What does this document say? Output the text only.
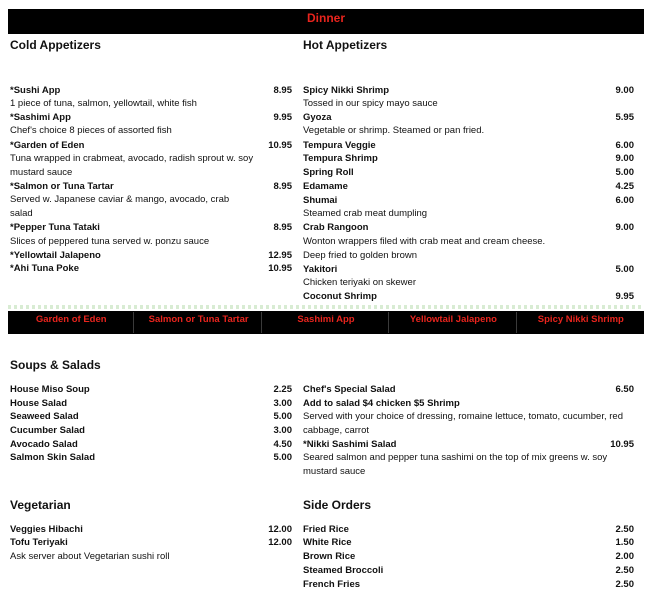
Dinner
Cold Appetizers
*Sushi App	8.95
1 piece of tuna, salmon, yellowtail, white fish
*Sashimi App	9.95
Chef's choice 8 pieces of assorted fish
*Garden of Eden	10.95
Tuna wrapped in crabmeat, avocado, radish sprout w. soy mustard sauce
*Salmon or Tuna Tartar	8.95
Served w. Japanese caviar & mango, avocado, crab salad
*Pepper Tuna Tataki	8.95
Slices of peppered tuna served w. ponzu sauce
*Yellowtail Jalapeno	12.95
*Ahi Tuna Poke	10.95
Hot Appetizers
Spicy Nikki Shrimp	9.00
Tossed in our spicy mayo sauce
Gyoza	5.95
Vegetable or shrimp. Steamed or pan fried.
Tempura Veggie	6.00
Tempura Shrimp	9.00
Spring Roll	5.00
Edamame	4.25
Shumai	6.00
Steamed crab meat dumpling
Crab Rangoon	9.00
Wonton wrappers filed with crab meat and cream cheese. Deep fried to golden brown
Yakitori	5.00
Chicken teriyaki on skewer
Coconut Shrimp	9.95
Garden of Eden	Salmon or Tuna Tartar	Sashimi App	Yellowtail Jalapeno	Spicy Nikki Shrimp
Soups & Salads
House Miso Soup	2.25
House Salad	3.00
Seaweed Salad	5.00
Cucumber Salad	3.00
Avocado Salad	4.50
Salmon Skin Salad	5.00
Chef's Special Salad	6.50
Add to salad $4 chicken $5 Shrimp
Served with your choice of dressing, romaine lettuce, tomato, cucumber, red cabbage, carrot
*Nikki Sashimi Salad	10.95
Seared salmon and pepper tuna sashimi on the top of mix greens w. soy mustard sauce
Vegetarian
Veggies Hibachi	12.00
Tofu Teriyaki	12.00
Ask server about Vegetarian sushi roll
Side Orders
Fried Rice	2.50
White Rice	1.50
Brown Rice	2.00
Steamed Broccoli	2.50
French Fries	2.50
